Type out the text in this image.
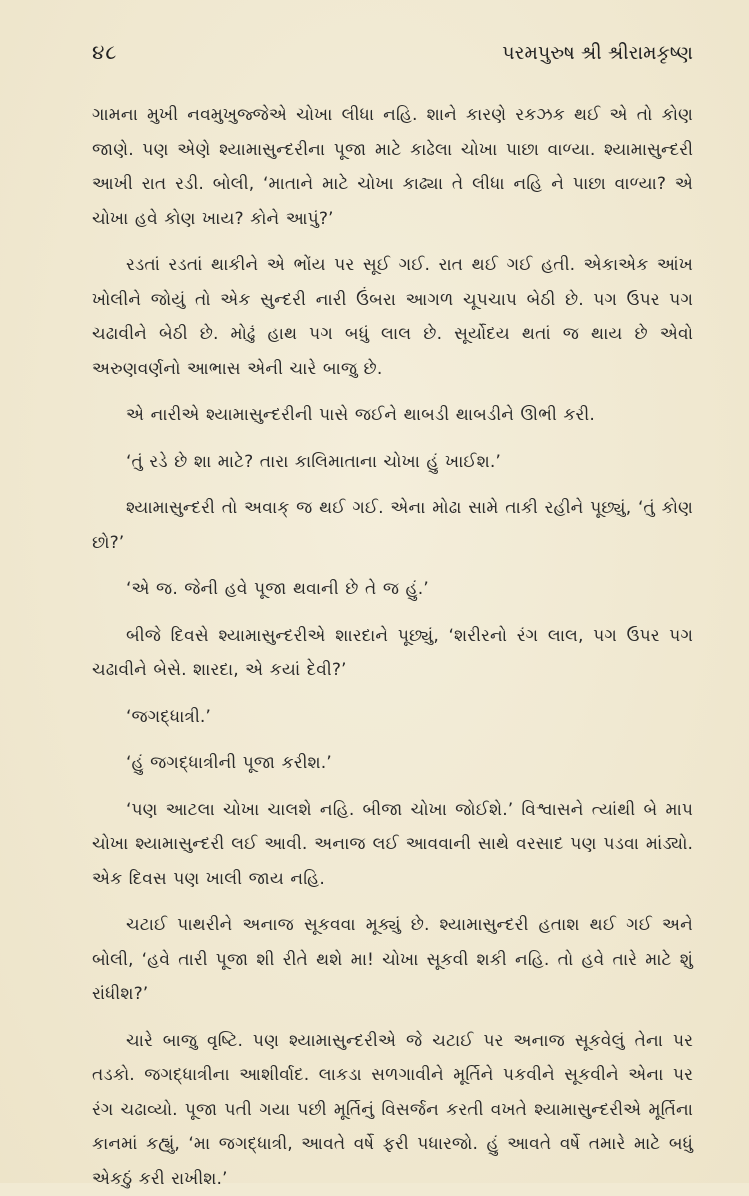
૪૮	પરમપુરુષ શ્રી શ્રીરામકૃષ્ણ

ગામના મુખી નવમુખુજ્જેએ ચોખા લીધા નહિ. શાને કારણે રકઝક થઈ એ તો કોણ જાણે. પણ એણે શ્યામાસુન્દરીના પૂજા માટે કાઢેલા ચોખા પાછા વાળ્યા. શ્યામાસુન્દરી આખી રાત રડી. બોલી, ‘માતાને માટે ચોખા કાઢ્યા તે લીધા નહિ ને પાછા વાળ્યા? એ ચોખા હવે કોણ ખાય? કોને આપું?’

રડતાં રડતાં થાકીને એ ભોંય પર સૂઈ ગઈ. રાત થઈ ગઈ હતી. એકાએક આંખ ખોલીને જોયું તો એક સુન્દરી નારી ઉંબરા આગળ ચૂપચાપ બેઠી છે. પગ ઉપર પગ ચઢાવીને બેઠી છે. મોઢું હાથ પગ બધું લાલ છે. સૂર્યોદય થતાં જ થાય છે એવો અરુણવર્ણનો આભાસ એની ચારે બાજુ છે.

એ નારીએ શ્યામાસુન્દરીની પાસે જઈને થાબડી થાબડીને ઊભી કરી.

‘તું રડે છે શા માટે? તારા કાલિમાતાના ચોખા હું ખાઈશ.’

શ્યામાસુન્દરી તો અવાક્ જ થઈ ગઈ. એના મોઢા સામે તાકી રહીને પૂછ્યું, ‘તું કોણ છો?’

‘એ જ. જેની હવે પૂજા થવાની છે તે જ હું.’

બીજે દિવસે શ્યામાસુન્દરીએ શારદાને પૂછ્યું, ‘શરીરનો રંગ લાલ, પગ ઉપર પગ ચઢાવીને બેસે. શારદા, એ કયાં દેવી?’

‘જગદ્ધાત્રી.’

‘હું જગદ્ધાત્રીની પૂજા કરીશ.’

‘પણ આટલા ચોખા ચાલશે નહિ. બીજા ચોખા જોઈશે.’ વિશ્વાસને ત્યાંથી બે માપ ચોખા શ્યામાસુન્દરી લઈ આવી. અનાજ લઈ આવવાની સાથે વરસાદ પણ પડવા માંડ્યો. એક દિવસ પણ ખાલી જાય નહિ.

ચટાઈ પાથરીને અનાજ સૂકવવા મૂક્યું છે. શ્યામાસુન્દરી હતાશ થઈ ગઈ અને બોલી, ‘હવે તારી પૂજા શી રીતે થશે મા! ચોખા સૂકવી શકી નહિ. તો હવે તારે માટે શું રાંધીશ?’

ચારે બાજુ વૃષ્ટિ. પણ શ્યામાસુન્દરીએ જે ચટાઈ પર અનાજ સૂકવેલું તેના પર તડકો. જગદ્ધાત્રીના આશીર્વાદ. લાકડા સળગાવીને મૂર્તિને પકવીને સૂકવીને એના પર રંગ ચઢાવ્યો. પૂજા પતી ગયા પછી મૂર્તિનું વિસર્જન કરતી વખતે શ્યામાસુન્દરીએ મૂર્તિના કાનમાં કહ્યું, ‘મા જગદ્ધાત્રી, આવતે વર્ષે ફરી પધારજો. હું આવતે વર્ષે તમારે માટે બધું એકઠું કરી રાખીશ.’
